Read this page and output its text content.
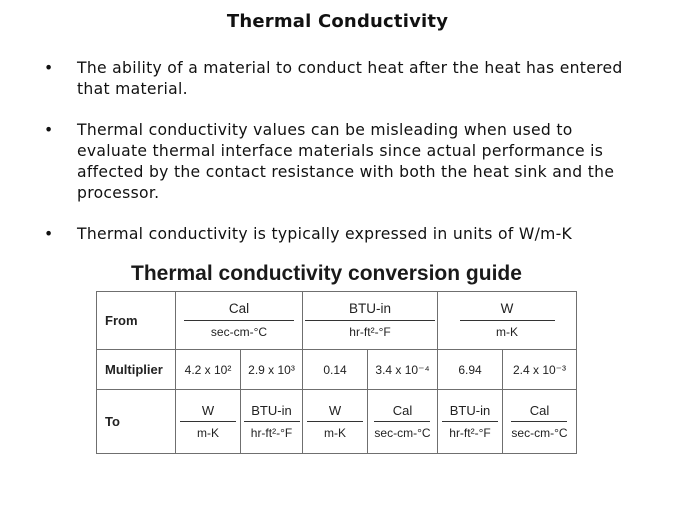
Thermal Conductivity
• The ability of a material to conduct heat after the heat has entered that material.
• Thermal conductivity values can be misleading when used to evaluate thermal interface materials since actual performance is affected by the contact resistance with both the heat sink and the processor.
• Thermal conductivity is typically expressed in units of W/m-K
Thermal conductivity conversion guide
From	$\frac{\text{Cal}}{\sec-cm-^\circ C}$		$\frac{\text{BTU-in}}{\text{hr-ft²-°F}}$		$\frac{W}{m-K}$

Multiplier	4.2 x 10²	2.9 x 10³	0.14	3.4 x 10⁻⁴	6.94	2.4 x 10⁻³
To	$\frac{W}{m-K}$	$\frac{\text{BTU-in}}{\text{hr-ft²-°F}}$	$\frac{W}{m-K}$	$\frac{\text{Cal}}{\sec-cm-^\circ C}$	$\frac{\text{BTU-in}}{\text{hr-ft²-°F}}$	$\frac{\text{Cal}}{\sec-cm-^\circ C}$
